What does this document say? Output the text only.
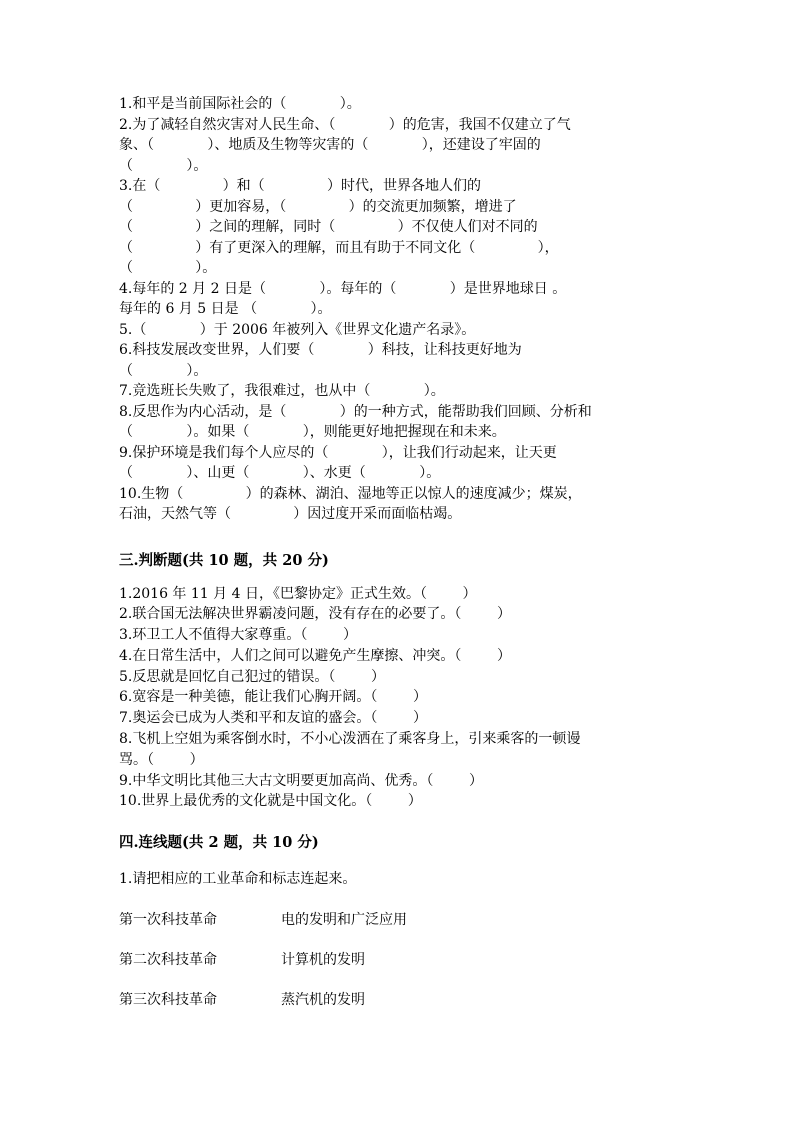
1.和平是当前国际社会的（            ）。

2.为了减轻自然灾害对人民生命、（            ）的危害，我国不仅建立了气

象、（            ）、地质及生物等灾害的（            ），还建设了牢固的

（            ）。

3.在（              ）和（              ）时代，世界各地人们的

（              ）更加容易，（              ）的交流更加频繁，增进了

（              ）之间的理解，同时（              ）不仅使人们对不同的

（              ）有了更深入的理解，而且有助于不同文化（              ），

（              ）。

4.每年的 2 月 2 日是（            ）。每年的（            ）是世界地球日 。

每年的 6 月 5 日是 （            ）。

5.（            ）于 2006 年被列入《世界文化遗产名录》。

6.科技发展改变世界，人们要（            ）科技，让科技更好地为

（            ）。

7.竞选班长失败了，我很难过，也从中（            ）。

8.反思作为内心活动，是（            ）的一种方式，能帮助我们回顾、分析和

（            ）。如果（            ），则能更好地把握现在和未来。

9.保护环境是我们每个人应尽的（            ），让我们行动起来，让天更

（            ）、山更（            ）、水更（            ）。

10.生物（              ）的森林、湖泊、湿地等正以惊人的速度减少；煤炭，

石油，天然气等（              ）因过度开采而面临枯竭。

三.判断题(共 10 题，共 20 分)

1.2016 年 11 月 4 日，《巴黎协定》正式生效。（        ）

2.联合国无法解决世界霸凌问题，没有存在的必要了。（        ）

3.环卫工人不值得大家尊重。（        ）

4.在日常生活中，人们之间可以避免产生摩擦、冲突。（        ）

5.反思就是回忆自己犯过的错误。（        ）

6.宽容是一种美德，能让我们心胸开阔。（        ）

7.奥运会已成为人类和平和友谊的盛会。（        ）

8.飞机上空姐为乘客倒水时，不小心泼洒在了乘客身上，引来乘客的一顿谩

骂。（        ）

9.中华文明比其他三大古文明要更加高尚、优秀。（        ）

10.世界上最优秀的文化就是中国文化。（        ）

四.连线题(共 2 题，共 10 分)

1.请把相应的工业革命和标志连起来。

第一次科技革命	电的发明和广泛应用
第二次科技革命	计算机的发明
第三次科技革命	蒸汽机的发明
